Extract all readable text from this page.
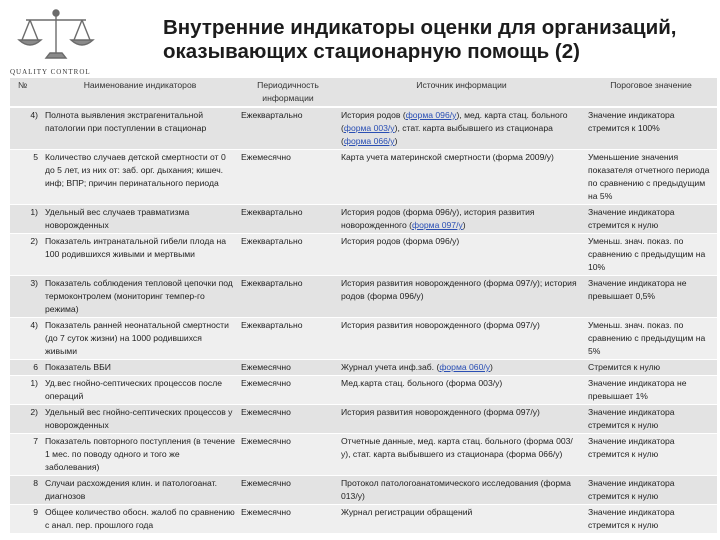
QUALITY CONTROL
Внутренние индикаторы оценки для организаций,
оказывающих стационарную помощь (2)
№	Наименование индикаторов	Периодичность информации	Источник информации	Пороговое значение
4)	Полнота выявления экстрагенитальной патологии при поступлении в стационар	Ежеквартально	История родов (форма 096/у), мед. карта стац. больного (форма 003/у), стат. карта выбывшего из стационара (форма 066/у)	Значение индикатора стремится к 100%
5	Количество случаев детской смертности от 0 до 5 лет, из них от: заб. орг. дыхания; кишеч. инф; ВПР; причин перинатального периода	Ежемесячно	Карта учета материнской смертности (форма 2009/у)	Уменьшение значения показателя отчетного периода по сравнению с предыдущим на 5%
1)	Удельный вес случаев травматизма новорожденных	Ежеквартально	История родов (форма 096/у), история развития новорожденного (форма 097/у)	Значение индикатора стремится к нулю
2)	Показатель интранатальной гибели плода на 100 родившихся живыми и мертвыми	Ежеквартально	История родов (форма 096/у)	Уменьш. знач. показ. по сравнению с предыдущим на 10%
3)	Показатель соблюдения тепловой цепочки под термоконтролем (мониторинг темпер-го режима)	Ежеквартально	История развития новорожденного (форма 097/у); история родов (форма 096/у)	Значение индикатора не превышает 0,5%
4)	Показатель ранней неонатальной смертности (до 7 суток жизни) на 1000 родившихся живыми	Ежеквартально	История развития новорожденного (форма 097/у)	Уменьш. знач. показ. по сравнению с предыдущим на 5%
6	Показатель ВБИ	Ежемесячно	Журнал учета инф.заб. (форма 060/у)	Стремится к нулю
1)	Уд.вес гнойно-септических процессов после операций	Ежемесячно	Мед.карта стац. больного (форма 003/у)	Значение индикатора не превышает 1%
2)	Удельный вес гнойно-септических процессов у новорожденных	Ежемесячно	История развития новорожденного (форма 097/у)	Значение индикатора стремится к нулю
7	Показатель повторного поступления (в течение 1 мес. по поводу одного и того же заболевания)	Ежемесячно	Отчетные данные, мед. карта стац. больного (форма 003/у), стат. карта выбывшего из стационара (форма 066/у)	Значение индикатора стремится к нулю
8	Случаи расхождения клин. и патологоанат. диагнозов	Ежемесячно	Протокол патологоанатомического исследования (форма 013/у)	Значение индикатора стремится к нулю
9	Общее количество обосн. жалоб по сравнению с анал. пер. прошлого года	Ежемесячно	Журнал регистрации обращений	Значение индикатора стремится к нулю
